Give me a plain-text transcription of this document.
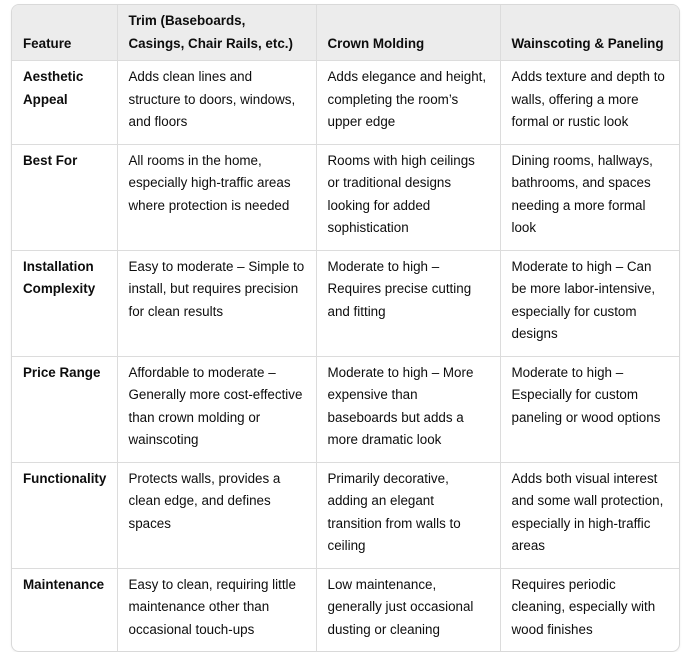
Feature	Trim (Baseboards, Casings, Chair Rails, etc.)	Crown Molding	Wainscoting & Paneling
Aesthetic Appeal	Adds clean lines and structure to doors, windows, and floors	Adds elegance and height, completing the room’s upper edge	Adds texture and depth to walls, offering a more formal or rustic look
Best For	All rooms in the home, especially high-traffic areas where protection is needed	Rooms with high ceilings or traditional designs looking for added sophistication	Dining rooms, hallways, bathrooms, and spaces needing a more formal look
Installation Complexity	Easy to moderate – Simple to install, but requires precision for clean results	Moderate to high – Requires precise cutting and fitting	Moderate to high – Can be more labor-intensive, especially for custom designs
Price Range	Affordable to moderate – Generally more cost-effective than crown molding or wainscoting	Moderate to high – More expensive than baseboards but adds a more dramatic look	Moderate to high – Especially for custom paneling or wood options
Functionality	Protects walls, provides a clean edge, and defines spaces	Primarily decorative, adding an elegant transition from walls to ceiling	Adds both visual interest and some wall protection, especially in high-traffic areas
Maintenance	Easy to clean, requiring little maintenance other than occasional touch-ups	Low maintenance, generally just occasional dusting or cleaning	Requires periodic cleaning, especially with wood finishes
